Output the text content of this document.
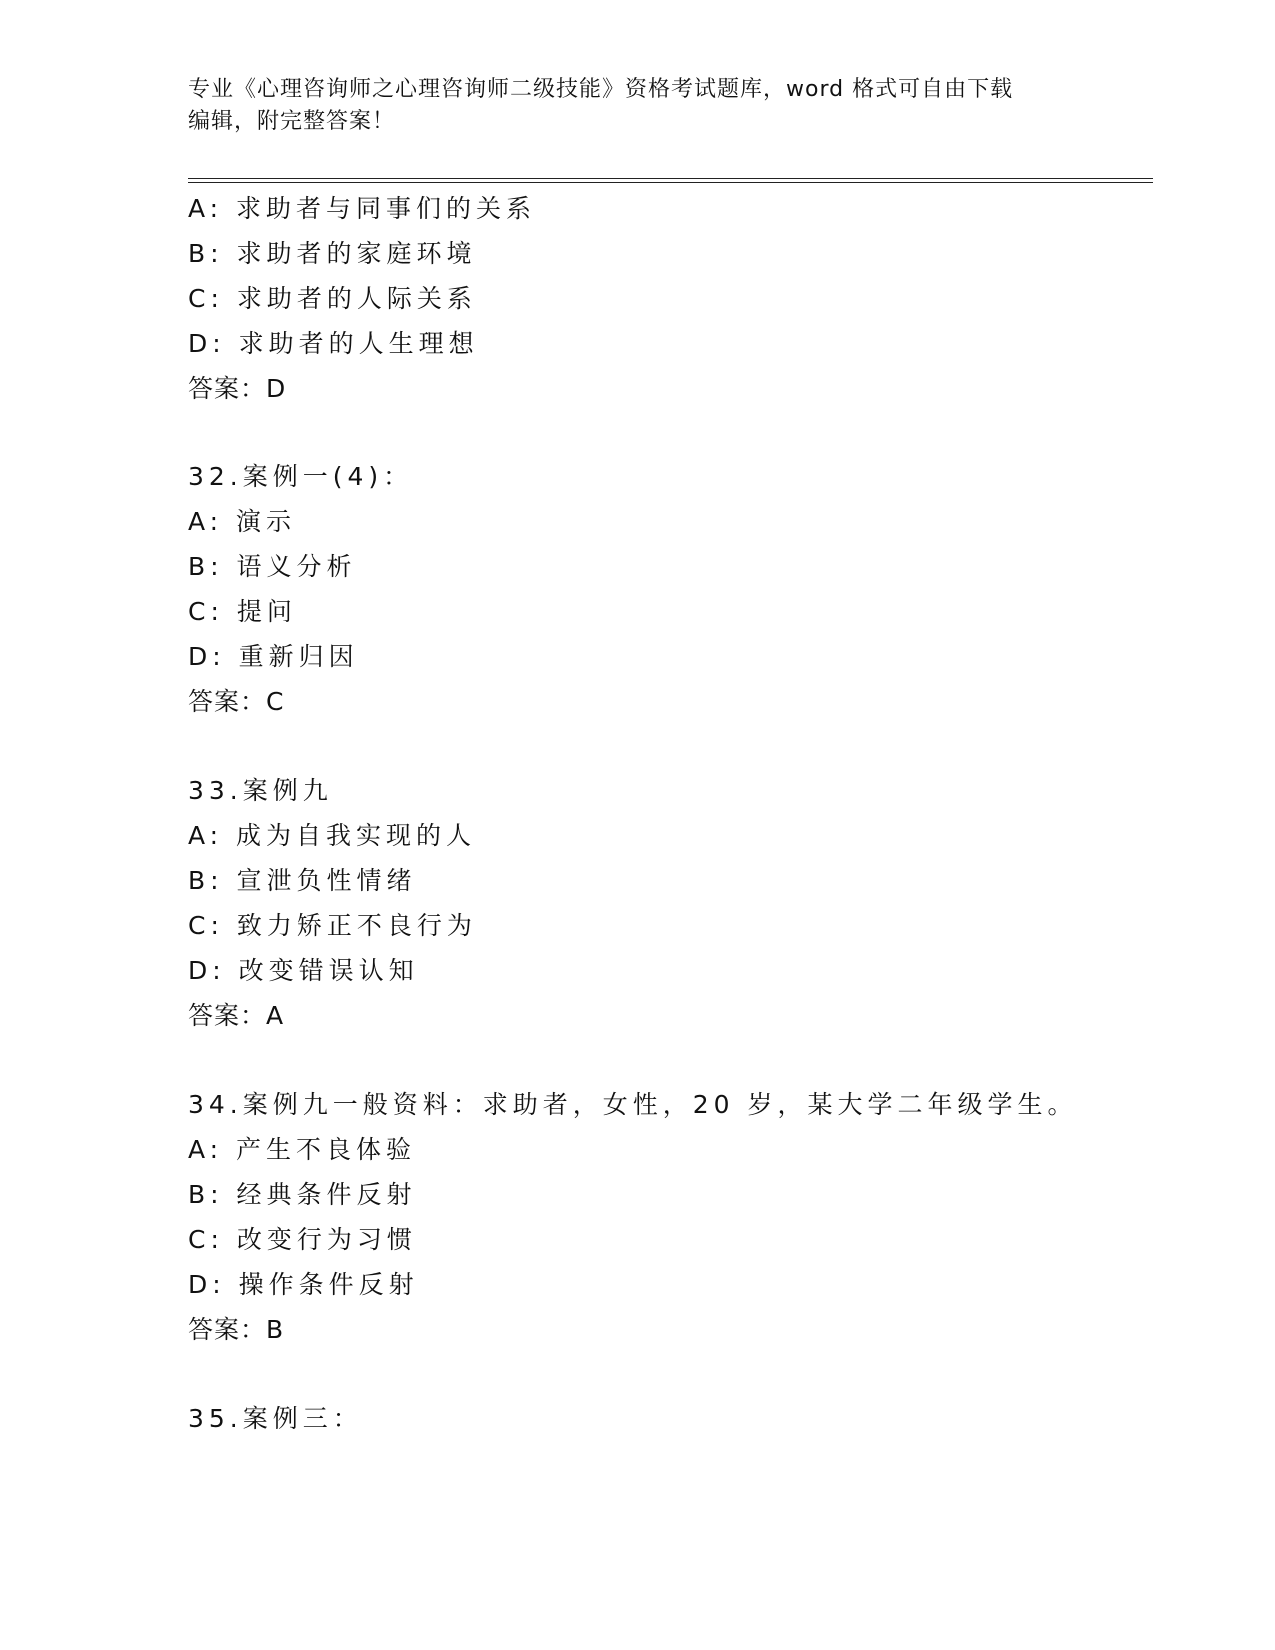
专业《心理咨询师之心理咨询师二级技能》资格考试题库，word 格式可自由下载
编辑，附完整答案！
A: 求助者与同事们的关系
B: 求助者的家庭环境
C: 求助者的人际关系
D: 求助者的人生理想
答案：D
32.案例一(4)：
A: 演示
B: 语义分析
C: 提问
D: 重新归因
答案：C
33.案例九
A: 成为自我实现的人
B: 宣泄负性情绪
C: 致力矫正不良行为
D: 改变错误认知
答案：A
34.案例九一般资料：求助者，女性，20 岁，某大学二年级学生。
A: 产生不良体验
B: 经典条件反射
C: 改变行为习惯
D: 操作条件反射
答案：B
35.案例三：
